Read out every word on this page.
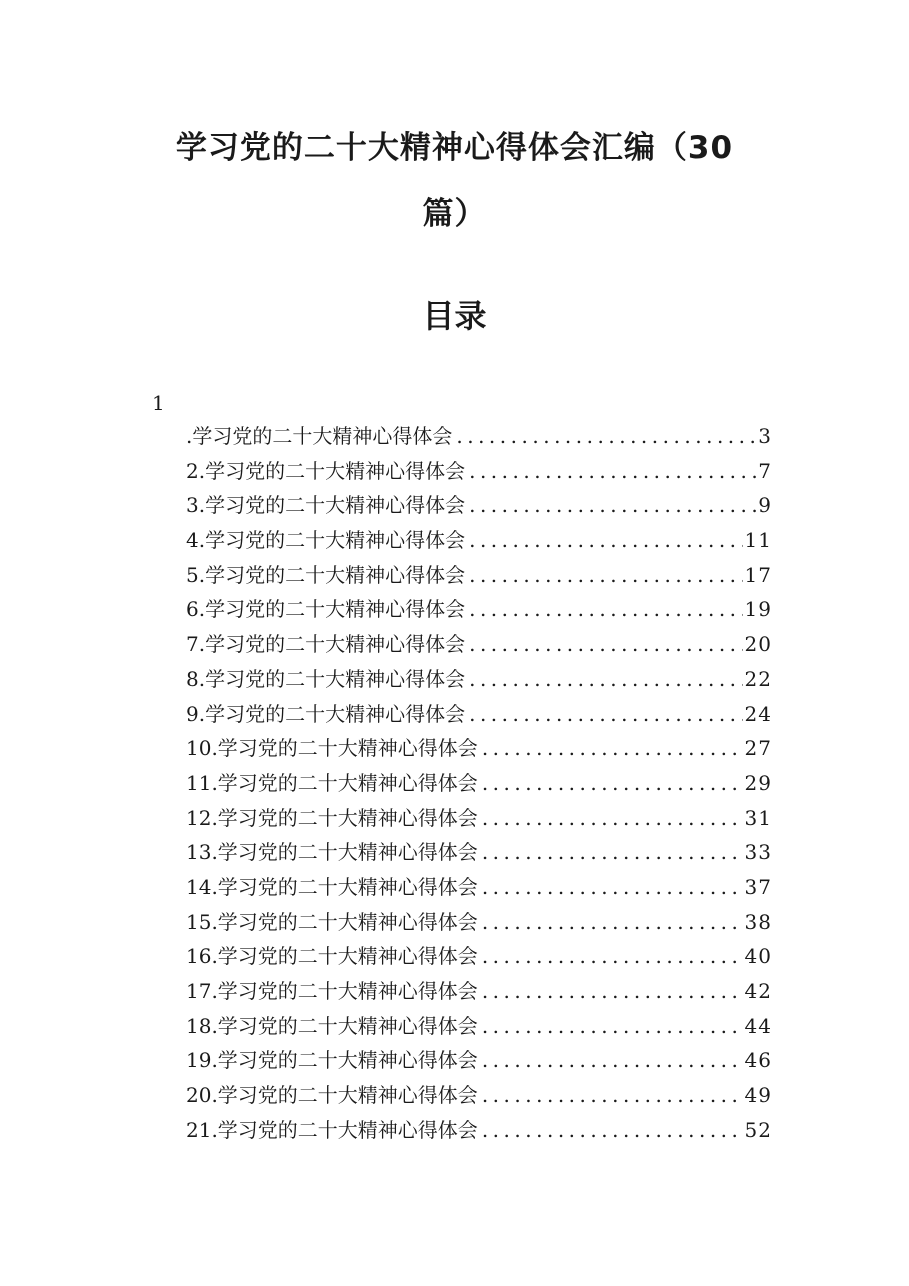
学习党的二十大精神心得体会汇编（30
篇）
目录
1
.学习党的二十大精神心得体会 .....	3
2.学习党的二十大精神心得体会 .....	7
3.学习党的二十大精神心得体会 .....	9
4.学习党的二十大精神心得体会 .....	11
5.学习党的二十大精神心得体会 .....	17
6.学习党的二十大精神心得体会 .....	19
7.学习党的二十大精神心得体会 .....	20
8.学习党的二十大精神心得体会 .....	22
9.学习党的二十大精神心得体会 .....	24
10.学习党的二十大精神心得体会 .....	27
11.学习党的二十大精神心得体会 .....	29
12.学习党的二十大精神心得体会 .....	31
13.学习党的二十大精神心得体会 .....	33
14.学习党的二十大精神心得体会 .....	37
15.学习党的二十大精神心得体会 .....	38
16.学习党的二十大精神心得体会 .....	40
17.学习党的二十大精神心得体会 .....	42
18.学习党的二十大精神心得体会 .....	44
19.学习党的二十大精神心得体会 .....	46
20.学习党的二十大精神心得体会 .....	49
21.学习党的二十大精神心得体会 .....	52
